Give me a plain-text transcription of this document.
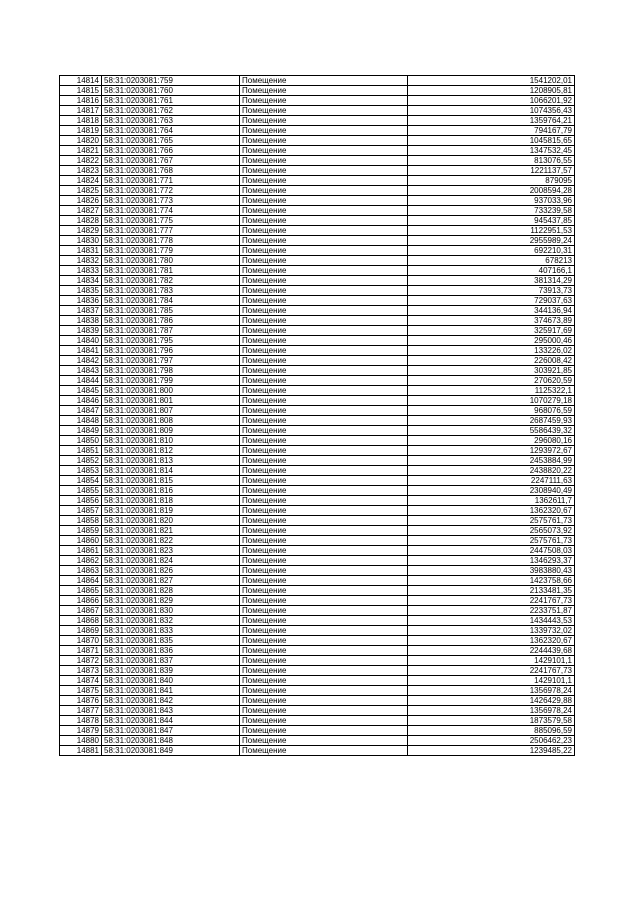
14814	58:31:0203081:759	Помещение	1541202,01
14815	58:31:0203081:760	Помещение	1208905,81
14816	58:31:0203081:761	Помещение	1066201,92
14817	58:31:0203081:762	Помещение	1074356,43
14818	58:31:0203081:763	Помещение	1359764,21
14819	58:31:0203081:764	Помещение	794167,79
14820	58:31:0203081:765	Помещение	1045815,65
14821	58:31:0203081:766	Помещение	1347532,45
14822	58:31:0203081:767	Помещение	813076,55
14823	58:31:0203081:768	Помещение	1221137,57
14824	58:31:0203081:771	Помещение	879095
14825	58:31:0203081:772	Помещение	2008594,28
14826	58:31:0203081:773	Помещение	937033,96
14827	58:31:0203081:774	Помещение	733239,58
14828	58:31:0203081:775	Помещение	945437,85
14829	58:31:0203081:777	Помещение	1122951,53
14830	58:31:0203081:778	Помещение	2955989,24
14831	58:31:0203081:779	Помещение	692210,31
14832	58:31:0203081:780	Помещение	678213
14833	58:31:0203081:781	Помещение	407166,1
14834	58:31:0203081:782	Помещение	381314,29
14835	58:31:0203081:783	Помещение	73913,73
14836	58:31:0203081:784	Помещение	729037,63
14837	58:31:0203081:785	Помещение	344136,94
14838	58:31:0203081:786	Помещение	374673,89
14839	58:31:0203081:787	Помещение	325917,69
14840	58:31:0203081:795	Помещение	295000,46
14841	58:31:0203081:796	Помещение	133226,02
14842	58:31:0203081:797	Помещение	226008,42
14843	58:31:0203081:798	Помещение	303921,85
14844	58:31:0203081:799	Помещение	270620,59
14845	58:31:0203081:800	Помещение	1125322,1
14846	58:31:0203081:801	Помещение	1070279,18
14847	58:31:0203081:807	Помещение	968076,59
14848	58:31:0203081:808	Помещение	2687459,93
14849	58:31:0203081:809	Помещение	5586439,32
14850	58:31:0203081:810	Помещение	296080,16
14851	58:31:0203081:812	Помещение	1293972,67
14852	58:31:0203081:813	Помещение	2453884,99
14853	58:31:0203081:814	Помещение	2438820,22
14854	58:31:0203081:815	Помещение	2247111,63
14855	58:31:0203081:816	Помещение	2308940,49
14856	58:31:0203081:818	Помещение	1362611,7
14857	58:31:0203081:819	Помещение	1362320,67
14858	58:31:0203081:820	Помещение	2575761,73
14859	58:31:0203081:821	Помещение	2565073,92
14860	58:31:0203081:822	Помещение	2575761,73
14861	58:31:0203081:823	Помещение	2447508,03
14862	58:31:0203081:824	Помещение	1346293,37
14863	58:31:0203081:826	Помещение	3983880,43
14864	58:31:0203081:827	Помещение	1423758,66
14865	58:31:0203081:828	Помещение	2133481,35
14866	58:31:0203081:829	Помещение	2241767,73
14867	58:31:0203081:830	Помещение	2233751,87
14868	58:31:0203081:832	Помещение	1434443,53
14869	58:31:0203081:833	Помещение	1339732,02
14870	58:31:0203081:835	Помещение	1362320,67
14871	58:31:0203081:836	Помещение	2244439,68
14872	58:31:0203081:837	Помещение	1429101,1
14873	58:31:0203081:839	Помещение	2241767,73
14874	58:31:0203081:840	Помещение	1429101,1
14875	58:31:0203081:841	Помещение	1356978,24
14876	58:31:0203081:842	Помещение	1426429,88
14877	58:31:0203081:843	Помещение	1356978,24
14878	58:31:0203081:844	Помещение	1873579,58
14879	58:31:0203081:847	Помещение	885096,59
14880	58:31:0203081:848	Помещение	2506462,23
14881	58:31:0203081:849	Помещение	1239485,22
